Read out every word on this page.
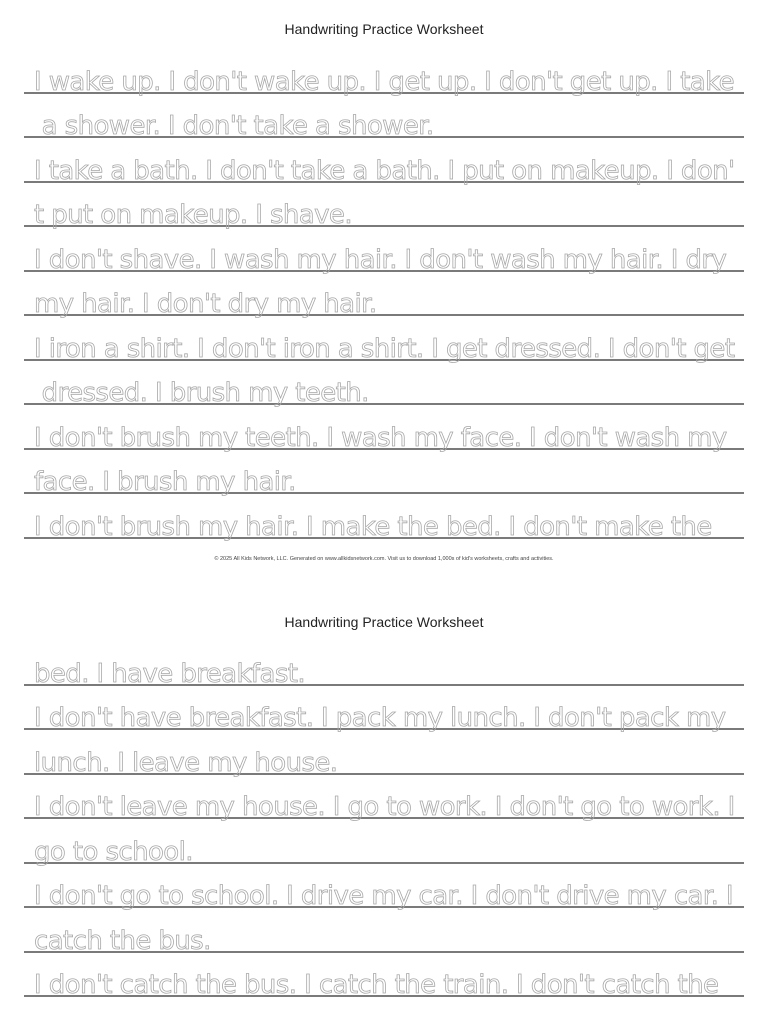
Handwriting Practice Worksheet
I wake up. I don't wake up. I get up. I don't get up. I take
a shower. I don't take a shower.
I take a bath. I don't take a bath. I put on makeup. I don'
t put on makeup. I shave.
I don't shave. I wash my hair. I don't wash my hair. I dry
my hair. I don't dry my hair.
I iron a shirt. I don't iron a shirt. I get dressed. I don't get
dressed. I brush my teeth.
I don't brush my teeth. I wash my face. I don't wash my
face. I brush my hair.
I don't brush my hair. I make the bed. I don't make the
© 2025 All Kids Network, LLC. Generated on www.allkidsnetwork.com. Visit us to download 1,000s of kid's worksheets, crafts and activities.
Handwriting Practice Worksheet
bed. I have breakfast.
I don't have breakfast. I pack my lunch. I don't pack my
lunch. I leave my house.
I don't leave my house. I go to work. I don't go to work. I
go to school.
I don't go to school. I drive my car. I don't drive my car. I
catch the bus.
I don't catch the bus. I catch the train. I don't catch the
